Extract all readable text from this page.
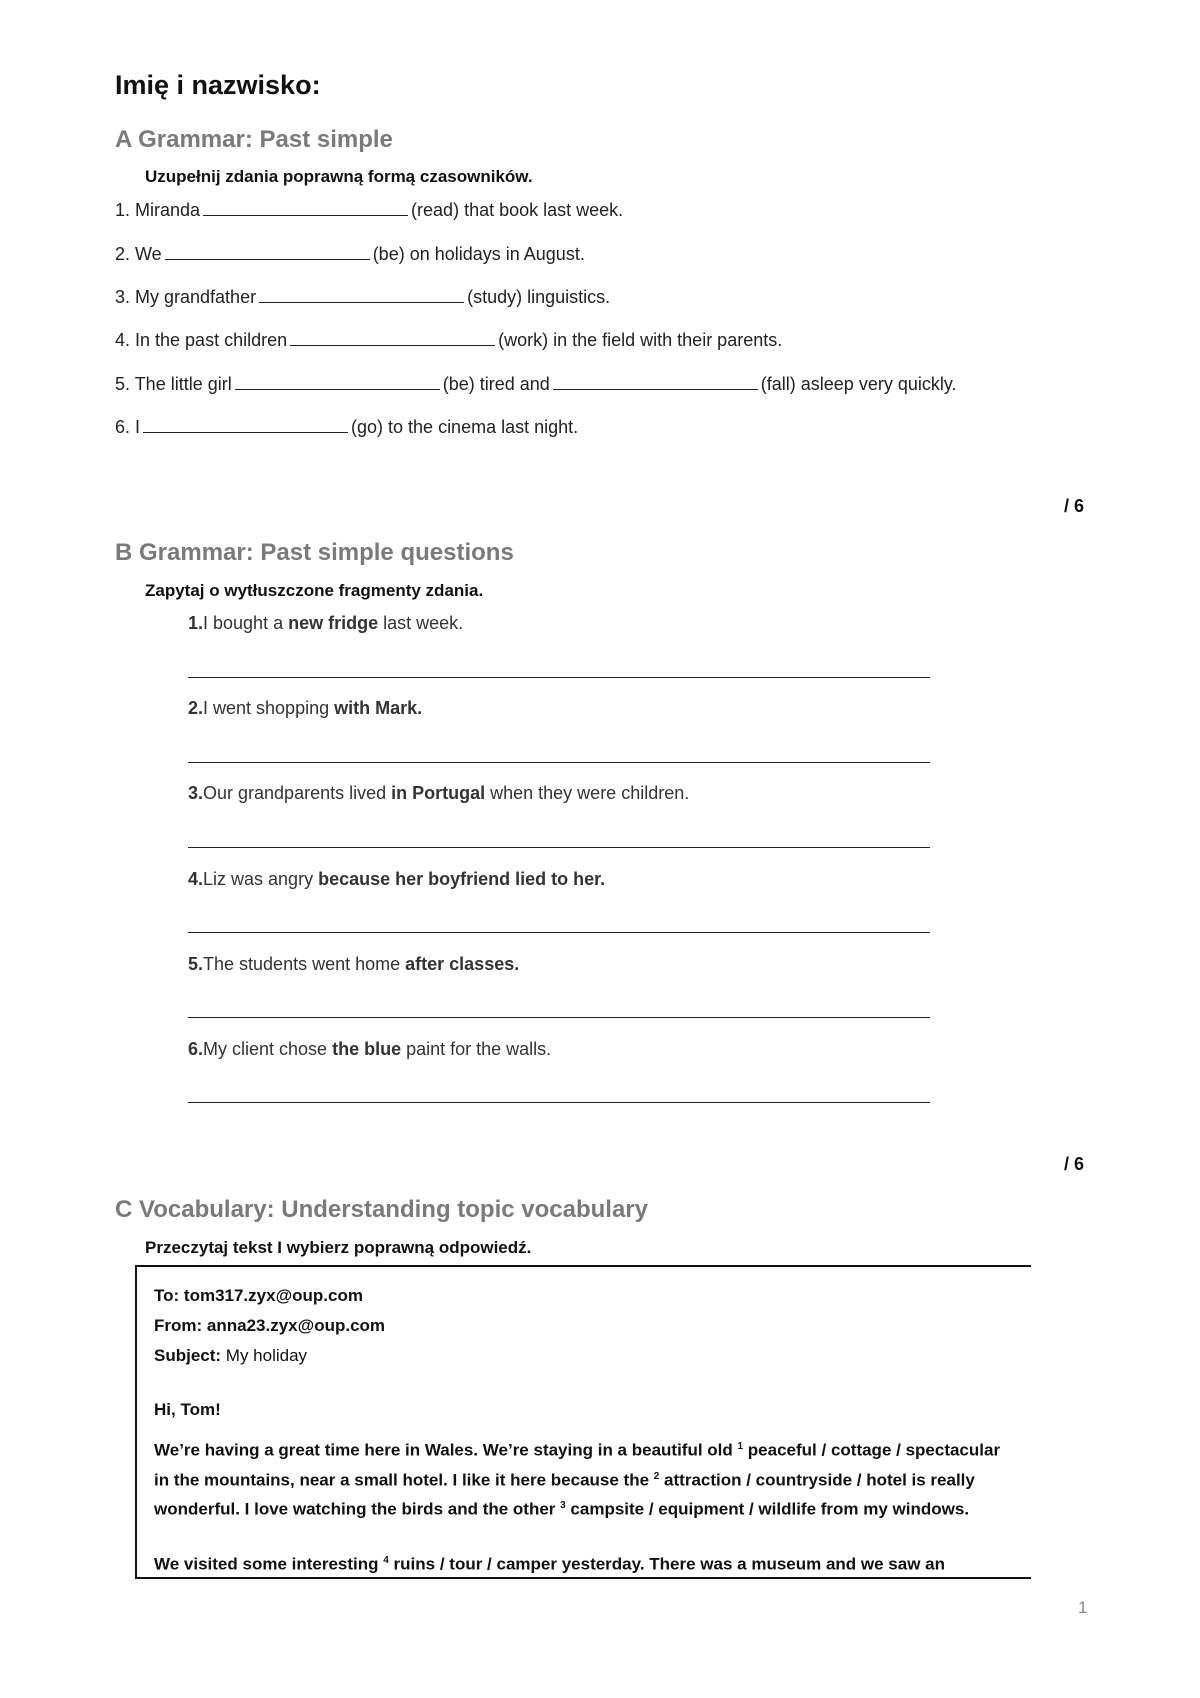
Imię i nazwisko:
A Grammar: Past simple
Uzupełnij zdania poprawną formą czasowników.
1. Miranda	(read) that book last week.
2. We	(be) on holidays in August.
3. My grandfather	(study) linguistics.
4. In the past children	(work) in the field with their parents.
5. The little girl	(be) tired and	(fall) asleep very quickly.
6. I	(go) to the cinema last night.
/ 6
B Grammar: Past simple questions
Zapytaj o wytłuszczone fragmenty zdania.
1.I bought a new fridge last week.
2.I went shopping with Mark.
3.Our grandparents lived in Portugal when they were children.
4.Liz was angry because her boyfriend lied to her.
5.The students went home after classes.
6.My client chose the blue paint for the walls.
/ 6
C Vocabulary: Understanding topic vocabulary
Przeczytaj tekst I wybierz poprawną odpowiedź.
To: tom317.zyx@oup.com
From: anna23.zyx@oup.com
Subject: My holiday
Hi, Tom!
We’re having a great time here in Wales. We’re staying in a beautiful old $^1$ peaceful / cottage / spectacular in the mountains, near a small hotel. I like it here because the $^2$ attraction / countryside / hotel is really wonderful. I love watching the birds and the other $^3$ campsite / equipment / wildlife from my windows.
We visited some interesting $^4$ ruins / tour / camper yesterday. There was a museum and we saw an
1
